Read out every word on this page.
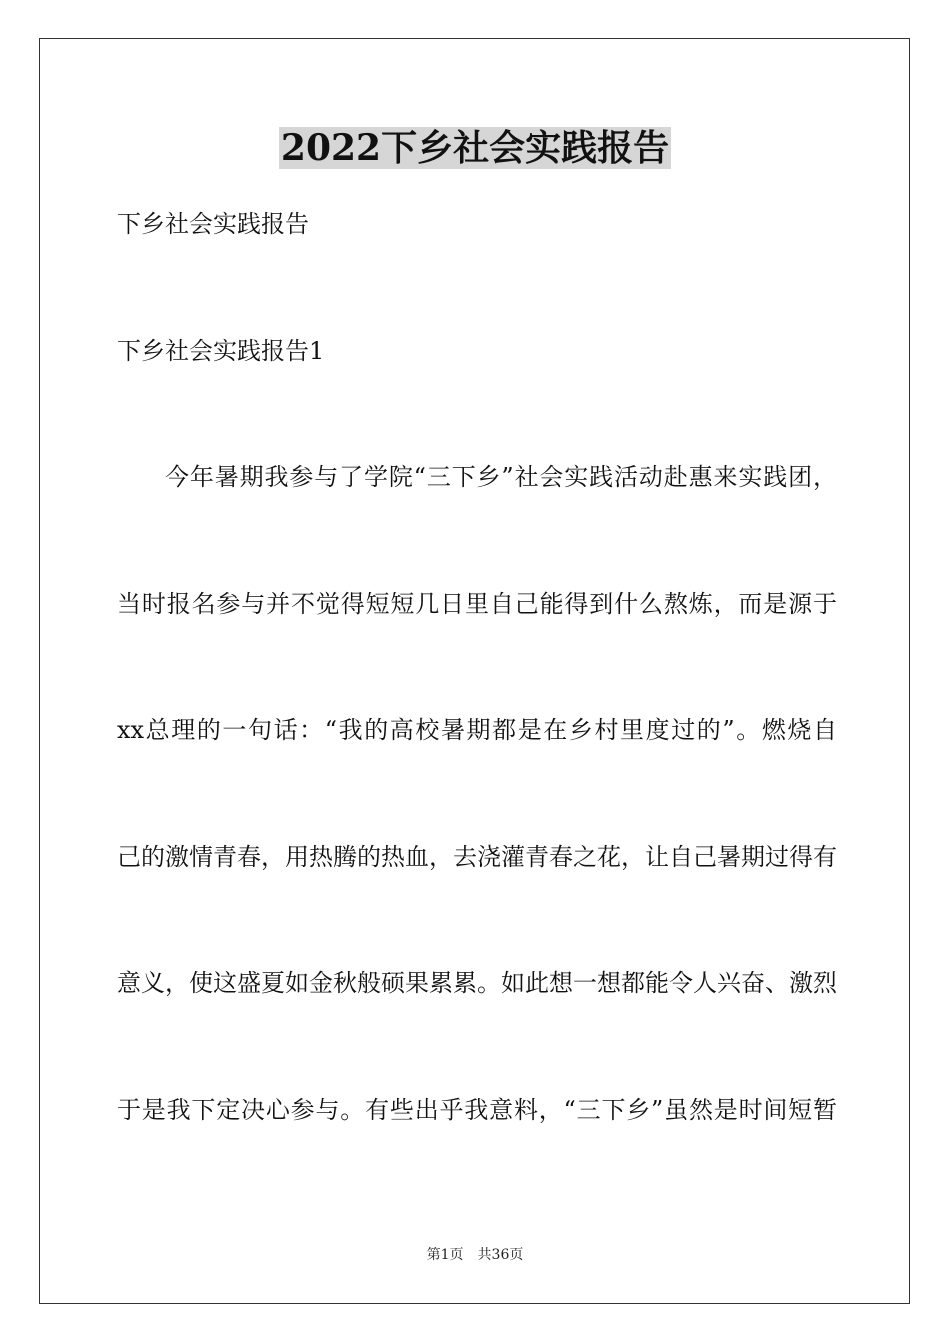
2022下乡社会实践报告
下乡社会实践报告
下乡社会实践报告1
今年暑期我参与了学院“三下乡”社会实践活动赴惠来实践团，
当时报名参与并不觉得短短几日里自己能得到什么熬炼，而是源于
xx总理的一句话：“我的高校暑期都是在乡村里度过的”。燃烧自
己的激情青春，用热腾的热血，去浇灌青春之花，让自己暑期过得有
意义，使这盛夏如金秋般硕果累累。如此想一想都能令人兴奋、激烈
于是我下定决心参与。有些出乎我意料，“三下乡”虽然是时间短暂
第1页 共36页
